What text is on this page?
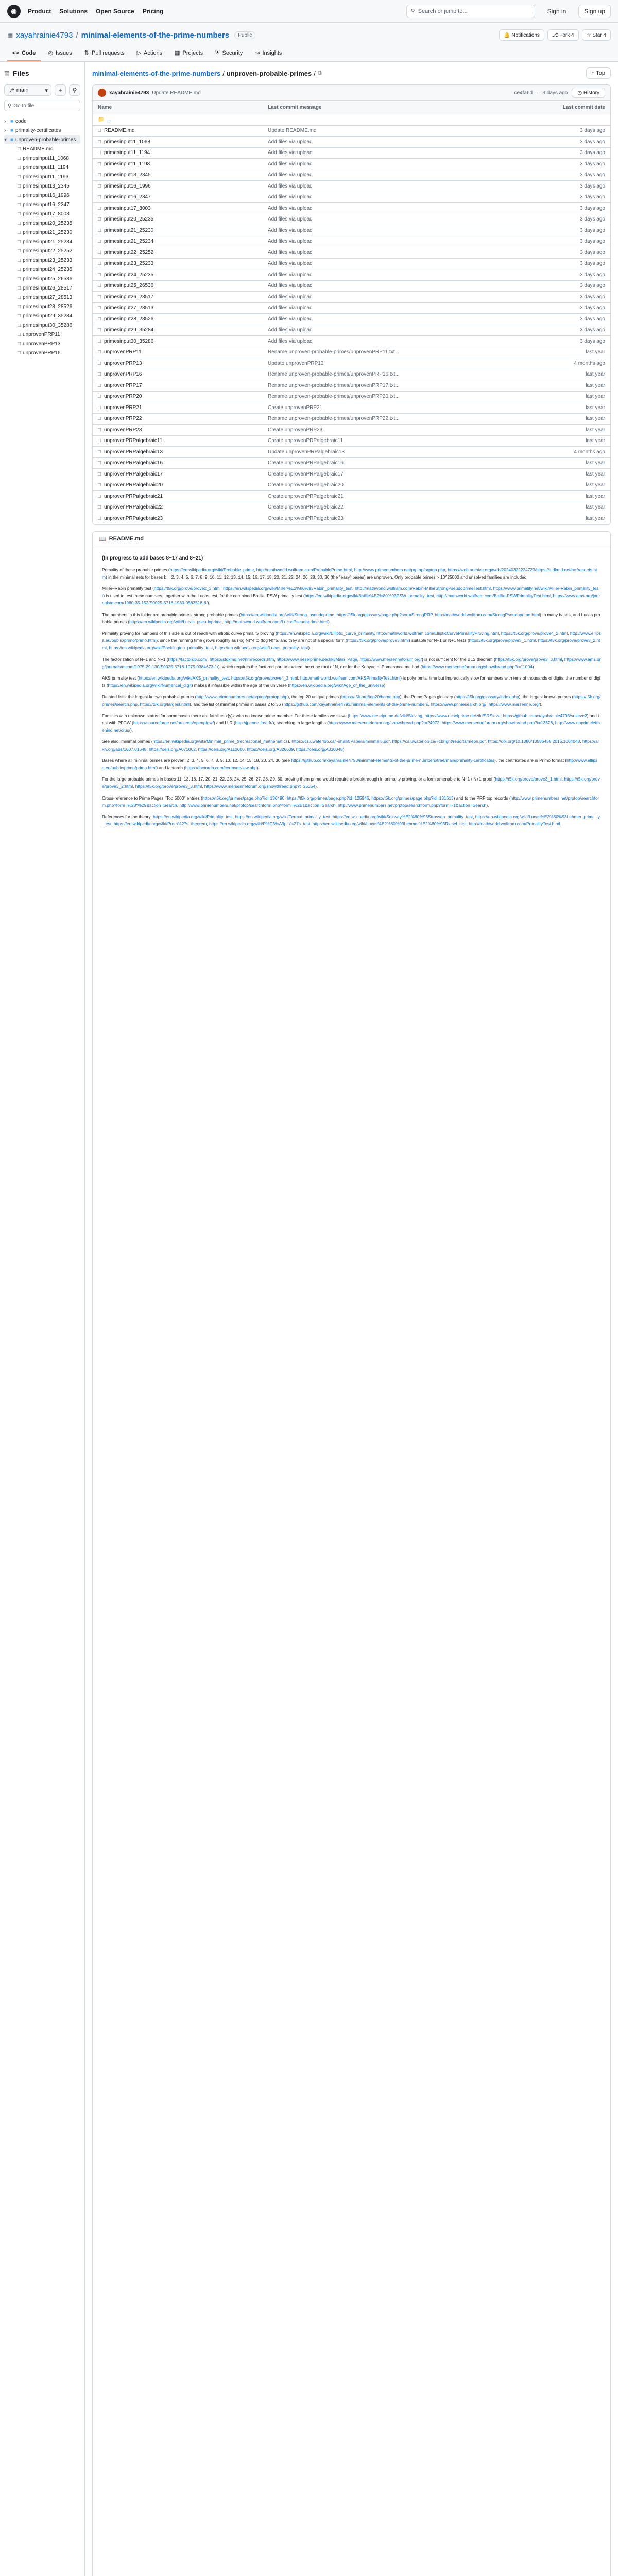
◉	Product Solutions Open Source Pricing	⚲ Search or jump to...	Sign in	Sign up
▦ xayahrainie4793 / minimal-elements-of-the-prime-numbers	Public	🔔 Notifications ⎇ Fork 4 ☆ Star 4
<> Code ◎ Issues ⇅ Pull requests ▷ Actions ▦ Projects ⛨ Security ↝ Insights
☰ Files
⎇ main	▾	+	⚲
⚲ Go to file
› ■ code
› ■ primality-certificates
▾ ■ unproven-probable-primes
□ README.md
□ primesinput11_1068
□ primesinput11_1194
□ primesinput11_1193
□ primesinput13_2345
□ primesinput16_1996
□ primesinput16_2347
□ primesinput17_8003
□ primesinput20_25235
□ primesinput21_25230
□ primesinput21_25234
□ primesinput22_25252
□ primesinput23_25233
□ primesinput24_25235
□ primesinput25_26536
□ primesinput26_28517
□ primesinput27_28513
□ primesinput28_28526
□ primesinput29_35284
□ primesinput30_35286
□ unprovenPRP11
□ unprovenPRP13
□ unprovenPRP16
minimal-elements-of-the-prime-numbers / unproven-probable-primes / ⧉	↑ Top
xayahrainie4793 Update README.md	ce4fa6d · 3 days ago ◷ History
Name	Last commit message	Last commit date
📁 ..
□ README.md	Update README.md	3 days ago
□ primesinput11_1068	Add files via upload	3 days ago
□ primesinput11_1194	Add files via upload	3 days ago
□ primesinput11_1193	Add files via upload	3 days ago
□ primesinput13_2345	Add files via upload	3 days ago
□ primesinput16_1996	Add files via upload	3 days ago
□ primesinput16_2347	Add files via upload	3 days ago
□ primesinput17_8003	Add files via upload	3 days ago
□ primesinput20_25235	Add files via upload	3 days ago
□ primesinput21_25230	Add files via upload	3 days ago
□ primesinput21_25234	Add files via upload	3 days ago
□ primesinput22_25252	Add files via upload	3 days ago
□ primesinput23_25233	Add files via upload	3 days ago
□ primesinput24_25235	Add files via upload	3 days ago
□ primesinput25_26536	Add files via upload	3 days ago
□ primesinput26_28517	Add files via upload	3 days ago
□ primesinput27_28513	Add files via upload	3 days ago
□ primesinput28_28526	Add files via upload	3 days ago
□ primesinput29_35284	Add files via upload	3 days ago
□ primesinput30_35286	Add files via upload	3 days ago
□ unprovenPRP11	Rename unproven-probable-primes/unprovenPRP11.txt...	last year
□ unprovenPRP13	Update unprovenPRP13	4 months ago
□ unprovenPRP16	Rename unproven-probable-primes/unprovenPRP16.txt...	last year
□ unprovenPRP17	Rename unproven-probable-primes/unprovenPRP17.txt...	last year
□ unprovenPRP20	Rename unproven-probable-primes/unprovenPRP20.txt...	last year
□ unprovenPRP21	Create unprovenPRP21	last year
□ unprovenPRP22	Rename unproven-probable-primes/unprovenPRP22.txt...	last year
□ unprovenPRP23	Create unprovenPRP23	last year
□ unprovenPRPalgebraic11	Create unprovenPRPalgebraic11	last year
□ unprovenPRPalgebraic13	Update unprovenPRPalgebraic13	4 months ago
□ unprovenPRPalgebraic16	Create unprovenPRPalgebraic16	last year
□ unprovenPRPalgebraic17	Create unprovenPRPalgebraic17	last year
□ unprovenPRPalgebraic20	Create unprovenPRPalgebraic20	last year
□ unprovenPRPalgebraic21	Create unprovenPRPalgebraic21	last year
□ unprovenPRPalgebraic22	Create unprovenPRPalgebraic22	last year
□ unprovenPRPalgebraic23	Create unprovenPRPalgebraic23	last year
📖 README.md
(In progress to add bases 8~17 and 8~21)

Primality of these probable primes (https://en.wikipedia.org/wiki/Probable_prime, http://mathworld.wolfram.com/ProbablePrime.html, http://www.primenumbers.net/prptop/prptop.php, https://web.archive.org/web/20240322224723/https://stdkmd.net/nrr/records.htm) in the minimal sets for bases b = 2, 3, 4, 5, 6, 7, 8, 9, 10, 11, 12, 13, 14, 15, 16, 17, 18, 20, 21, 22, 24, 26, 28, 30, 36 (the "easy" bases) are unproven. Only probable primes > 10^25000 and unsolved families are included.

Miller–Rabin primality test (https://t5k.org/prove/prove2_3.html, https://en.wikipedia.org/wiki/Miller%E2%80%93Rabin_primality_test, http://mathworld.wolfram.com/Rabin-MillerStrongPseudoprimeTest.html, https://www.primality.net/wiki/Miller-Rabin_primality_test) is used to test these numbers, together with the Lucas test, for the combined Baillie–PSW primality test (https://en.wikipedia.org/wiki/Baillie%E2%80%93PSW_primality_test, http://mathworld.wolfram.com/Baillie-PSWPrimalityTest.html, https://www.ams.org/journals/mcom/1980-35-152/S0025-5718-1980-0583518-6/).

The numbers in this folder are probable primes: strong probable primes (https://en.wikipedia.org/wiki/Strong_pseudoprime, https://t5k.org/glossary/page.php?sort=StrongPRP, http://mathworld.wolfram.com/StrongPseudoprime.html) to many bases, and Lucas probable primes (https://en.wikipedia.org/wiki/Lucas_pseudoprime, http://mathworld.wolfram.com/LucasPseudoprime.html).

Primality proving for numbers of this size is out of reach with elliptic curve primality proving (https://en.wikipedia.org/wiki/Elliptic_curve_primality, http://mathworld.wolfram.com/EllipticCurvePrimalityProving.html, https://t5k.org/prove/prove4_2.html, http://www.ellipsa.eu/public/primo/primo.html), since the running time grows roughly as (log N)^4 to (log N)^5, and they are not of a special form (https://t5k.org/prove/prove3.html) suitable for N−1 or N+1 tests (https://t5k.org/prove/prove3_1.html, https://t5k.org/prove/prove3_2.html, https://en.wikipedia.org/wiki/Pocklington_primality_test, https://en.wikipedia.org/wiki/Lucas_primality_test).

The factorization of N−1 and N+1 (https://factordb.com/, https://stdkmd.net/nrr/records.htm, https://www.rieselprime.de/ziki/Main_Page, https://www.mersenneforum.org/) is not sufficient for the BLS theorem (https://t5k.org/prove/prove3_3.html, https://www.ams.org/journals/mcom/1975-29-130/S0025-5718-1975-0384673-1/), which requires the factored part to exceed the cube root of N, nor for the Konyagin–Pomerance method (https://www.mersenneforum.org/showthread.php?t=11004).

AKS primality test (https://en.wikipedia.org/wiki/AKS_primality_test, https://t5k.org/prove/prove4_3.html, http://mathworld.wolfram.com/AKSPrimalityTest.html) is polynomial time but impractically slow for numbers with tens of thousands of digits; the number of digits (https://en.wikipedia.org/wiki/Numerical_digit) makes it infeasible within the age of the universe (https://en.wikipedia.org/wiki/Age_of_the_universe).

Related lists: the largest known probable primes (http://www.primenumbers.net/prptop/prptop.php), the top 20 unique primes (https://t5k.org/top20/home.php), the Prime Pages glossary (https://t5k.org/glossary/index.php), the largest known primes (https://t5k.org/primes/search.php, https://t5k.org/largest.html), and the list of minimal primes in bases 2 to 36 (https://github.com/xayahrainie4793/minimal-elements-of-the-prime-numbers, https://www.primesearch.org/, https://www.mersenne.org/).

Families with unknown status: for some bases there are families x{y}z with no known prime member. For these families we sieve (https://www.rieselprime.de/ziki/Sieving, https://www.rieselprime.de/ziki/SRSieve, https://github.com/xayahrainie4793/srsieve2) and test with PFGW (https://sourceforge.net/projects/openpfgw/) and LLR (http://jpenne.free.fr/), searching to large lengths (https://www.mersenneforum.org/showthread.php?t=24972, https://www.mersenneforum.org/showthread.php?t=13326, http://www.noprimeleftbehind.net/crus/).

See also: minimal primes (https://en.wikipedia.org/wiki/Minimal_prime_(recreational_mathematics), https://cs.uwaterloo.ca/~shallit/Papers/minimal5.pdf, https://cs.uwaterloo.ca/~cbright/reports/mepn.pdf, https://doi.org/10.1080/10586458.2015.1064048, https://arxiv.org/abs/1607.01548, https://oeis.org/A071062, https://oeis.org/A110600, https://oeis.org/A326609, https://oeis.org/A330048).

Bases where all minimal primes are proven: 2, 3, 4, 5, 6, 7, 8, 9, 10, 12, 14, 15, 18, 20, 24, 30 (see https://github.com/xayahrainie4793/minimal-elements-of-the-prime-numbers/tree/main/primality-certificates), the certificates are in Primo format (http://www.ellipsa.eu/public/primo/primo.html) and factordb (https://factordb.com/certoverview.php).

For the large probable primes in bases 11, 13, 16, 17, 20, 21, 22, 23, 24, 25, 26, 27, 28, 29, 30: proving them prime would require a breakthrough in primality proving, or a form amenable to N−1 / N+1 proof (https://t5k.org/prove/prove3_1.html, https://t5k.org/prove/prove3_2.html, https://t5k.org/prove/prove3_3.html, https://www.mersenneforum.org/showthread.php?t=25354).

Cross-reference to Prime Pages "Top 5000" entries (https://t5k.org/primes/page.php?id=136490, https://t5k.org/primes/page.php?id=125946, https://t5k.org/primes/page.php?id=131613) and to the PRP top records (http://www.primenumbers.net/prptop/searchform.php?form=%28*%29&action=Search, http://www.primenumbers.net/prptop/searchform.php?form=%2B1&action=Search, http://www.primenumbers.net/prptop/searchform.php?form=-1&action=Search).

References for the theory: https://en.wikipedia.org/wiki/Primality_test, https://en.wikipedia.org/wiki/Fermat_primality_test, https://en.wikipedia.org/wiki/Solovay%E2%80%93Strassen_primality_test, https://en.wikipedia.org/wiki/Lucas%E2%80%93Lehmer_primality_test, https://en.wikipedia.org/wiki/Proth%27s_theorem, https://en.wikipedia.org/wiki/P%C3%A9pin%27s_test, https://en.wikipedia.org/wiki/Lucas%E2%80%93Lehmer%E2%80%93Riesel_test, http://mathworld.wolfram.com/PrimalityTest.html.
